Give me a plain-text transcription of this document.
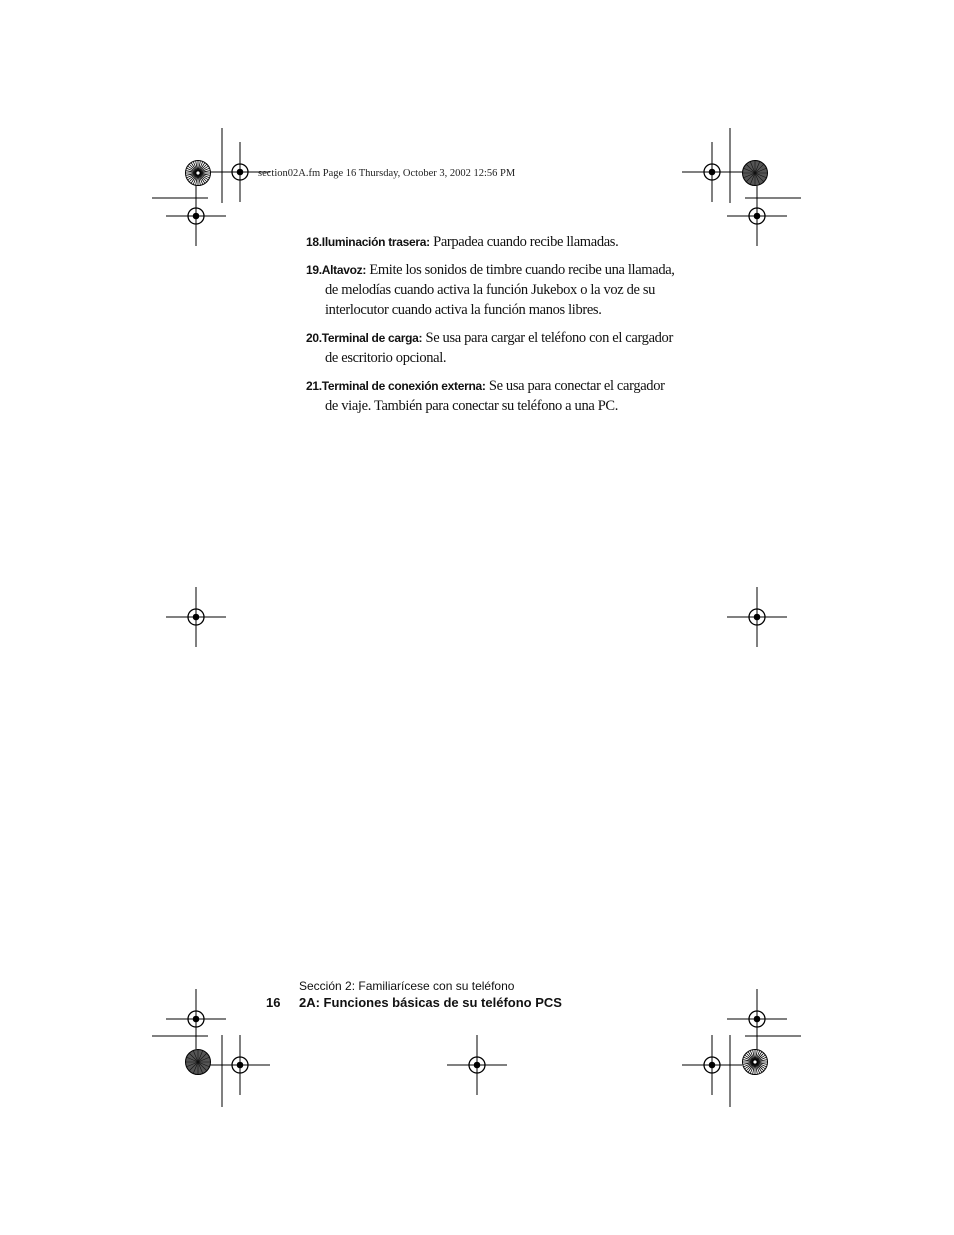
section02A.fm Page 16 Thursday, October 3, 2002 12:56 PM
18.Iluminación trasera: Parpadea cuando recibe llamadas.
19.Altavoz: Emite los sonidos de timbre cuando recibe una llamada,
de melodías cuando activa la función Jukebox o la voz de su
interlocutor cuando activa la función manos libres.
20.Terminal de carga: Se usa para cargar el teléfono con el cargador
de escritorio opcional.
21.Terminal de conexión externa: Se usa para conectar el cargador
de viaje. También para conectar su teléfono a una PC.
Sección 2: Familiarícese con su teléfono
16 2A: Funciones básicas de su teléfono PCS
